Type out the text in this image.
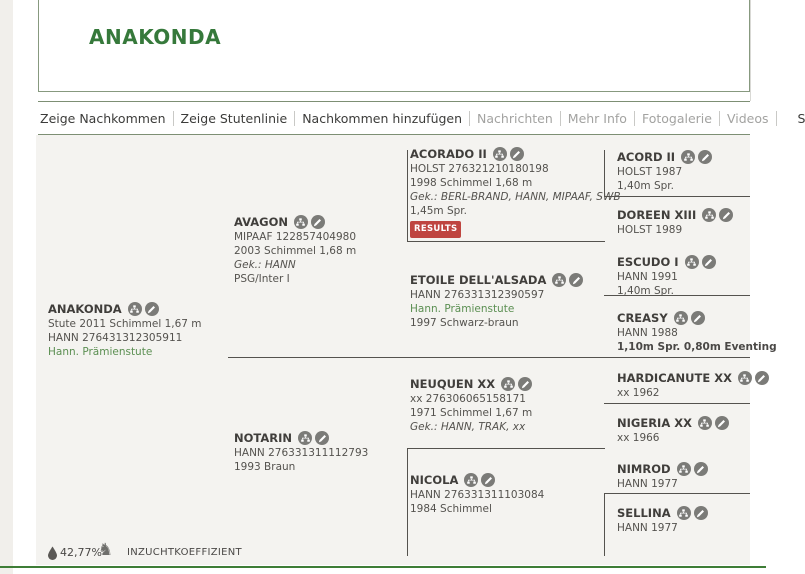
ANAKONDA
Zeige Nachkommen Zeige Stutenlinie Nachkommen hinzufügen Nachrichten Mehr Info Fotogalerie Videos S
ANAKONDA
Stute 2011 Schimmel 1,67 m
HANN 276431312305911
Hann. Prämienstute
AVAGON
MIPAAF 122857404980
2003 Schimmel 1,68 m
Gek.: HANN
PSG/Inter I
NOTARIN
HANN 276331311112793
1993 Braun
ACORADO II
HOLST 276321210180198
1998 Schimmel 1,68 m
Gek.: BERL-BRAND, HANN, MIPAAF, SWB
1,45m Spr.
RESULTS
ETOILE DELL'ALSADA
HANN 276331312390597
Hann. Prämienstute
1997 Schwarz-braun
NEUQUEN XX
xx 276306065158171
1971 Schimmel 1,67 m
Gek.: HANN, TRAK, xx
NICOLA
HANN 276331311103084
1984 Schimmel
ACORD II
HOLST 1987
1,40m Spr.
DOREEN XIII
HOLST 1989
ESCUDO I
HANN 1991
1,40m Spr.
CREASY
HANN 1988
1,10m Spr. 0,80m Eventing
HARDICANUTE XX
xx 1962
NIGERIA XX
xx 1966
NIMROD
HANN 1977
SELLINA
HANN 1977
42,77%
♞ INZUCHTKOEFFIZIENT
